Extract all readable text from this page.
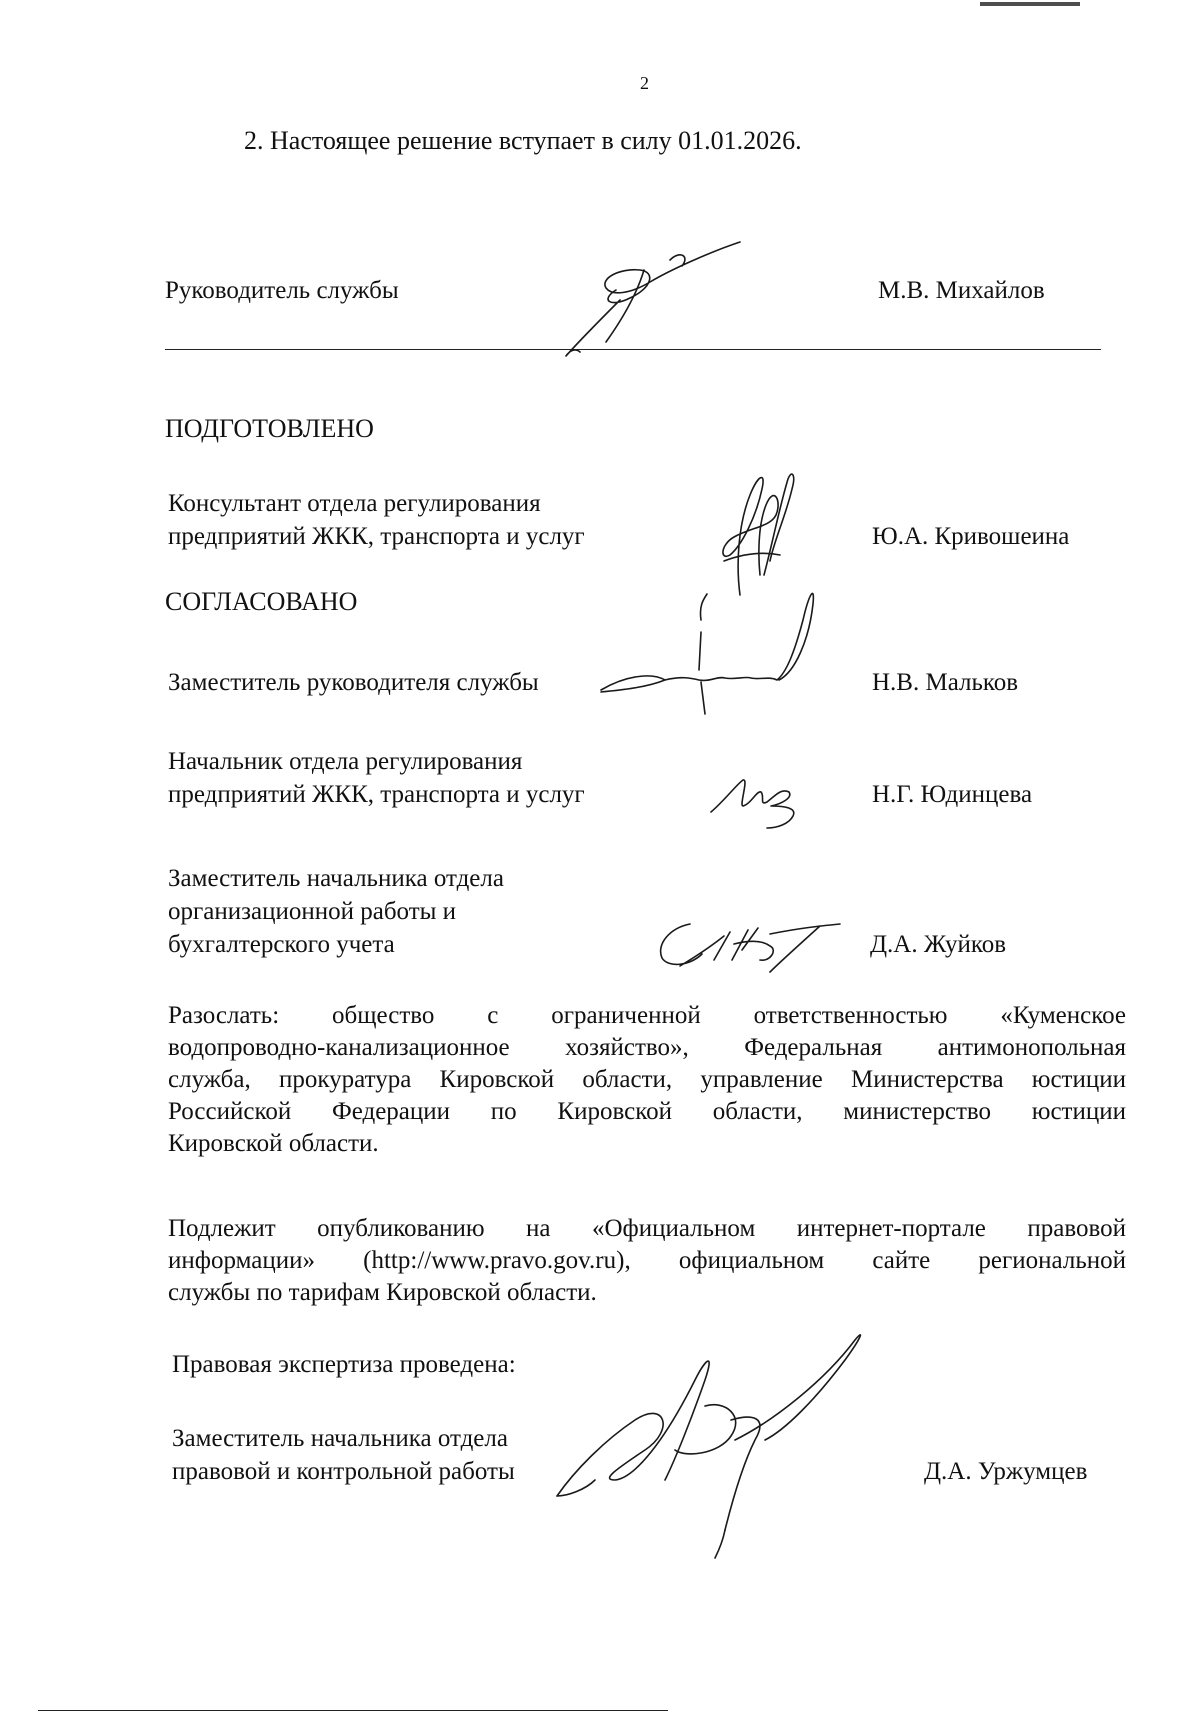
2
2. Настоящее решение вступает в силу 01.01.2026.
Руководитель службы	М.В. Михайлов
ПОДГОТОВЛЕНО
Консультант отдела регулирования
предприятий ЖКК, транспорта и услуг	Ю.А. Кривошеина
СОГЛАСОВАНО
Заместитель руководителя службы	Н.В. Мальков
Начальник отдела регулирования
предприятий ЖКК, транспорта и услуг	Н.Г. Юдинцева
Заместитель начальника отдела
организационной работы и
бухгалтерского учета	Д.А. Жуйков
Разослать: общество с ограниченной ответственностью «Куменское
водопроводно-канализационное хозяйство», Федеральная антимонопольная
служба, прокуратура Кировской области, управление Министерства юстиции
Российской Федерации по Кировской области, министерство юстиции
Кировской области.
Подлежит опубликованию на «Официальном интернет-портале правовой
информации» (http://www.pravo.gov.ru), официальном сайте региональной
службы по тарифам Кировской области.
Правовая экспертиза проведена:
Заместитель начальника отдела
правовой и контрольной работы	Д.А. Уржумцев
